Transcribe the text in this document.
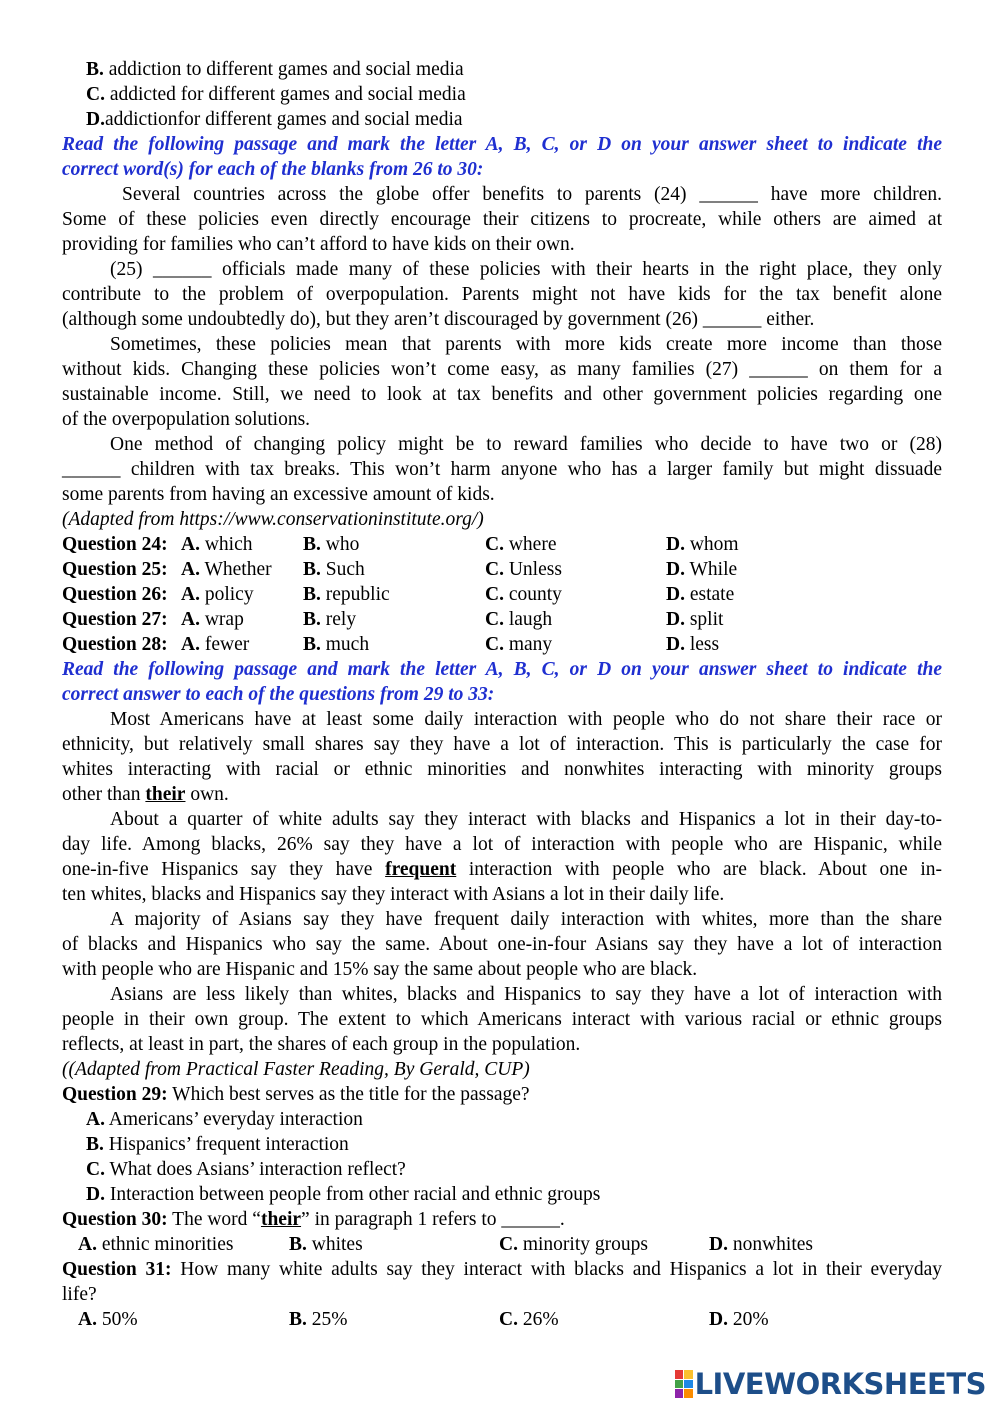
B. addiction to different games and social media
C. addicted for different games and social media
D.addictionfor different games and social media
Read the following passage and mark the letter A, B, C, or D on your answer sheet to indicate the
correct word(s) for each of the blanks from 26 to 30:
Several countries across the globe offer benefits to parents (24) ______ have more children.
Some of these policies even directly encourage their citizens to procreate, while others are aimed at
providing for families who can’t afford to have kids on their own.
(25) ______ officials made many of these policies with their hearts in the right place, they only
contribute to the problem of overpopulation. Parents might not have kids for the tax benefit alone
(although some undoubtedly do), but they aren’t discouraged by government (26) ______ either.
Sometimes, these policies mean that parents with more kids create more income than those
without kids. Changing these policies won’t come easy, as many families (27) ______ on them for a
sustainable income. Still, we need to look at tax benefits and other government policies regarding one
of the overpopulation solutions.
One method of changing policy might be to reward families who decide to have two or (28)
______ children with tax breaks. This won’t harm anyone who has a larger family but might dissuade
some parents from having an excessive amount of kids.
(Adapted from https://www.conservationinstitute.org/)
Question 24: A. which	B. who	C. where	D. whom
Question 25: A. Whether B. Such	C. Unless	D. While
Question 26: A. policy	B. republic	C. county	D. estate
Question 27: A. wrap	B. rely	C. laugh	D. split
Question 28: A. fewer	B. much	C. many	D. less
Read the following passage and mark the letter A, B, C, or D on your answer sheet to indicate the
correct answer to each of the questions from 29 to 33:
Most Americans have at least some daily interaction with people who do not share their race or
ethnicity, but relatively small shares say they have a lot of interaction. This is particularly the case for
whites interacting with racial or ethnic minorities and nonwhites interacting with minority groups
other than their own.
About a quarter of white adults say they interact with blacks and Hispanics a lot in their day-to-
day life. Among blacks, 26% say they have a lot of interaction with people who are Hispanic, while
one-in-five Hispanics say they have frequent interaction with people who are black. About one in-
ten whites, blacks and Hispanics say they interact with Asians a lot in their daily life.
A majority of Asians say they have frequent daily interaction with whites, more than the share
of blacks and Hispanics who say the same. About one-in-four Asians say they have a lot of interaction
with people who are Hispanic and 15% say the same about people who are black.
Asians are less likely than whites, blacks and Hispanics to say they have a lot of interaction with
people in their own group. The extent to which Americans interact with various racial or ethnic groups
reflects, at least in part, the shares of each group in the population.
((Adapted from Practical Faster Reading, By Gerald, CUP)
Question 29: Which best serves as the title for the passage?
A. Americans’ everyday interaction
B. Hispanics’ frequent interaction
C. What does Asians’ interaction reflect?
D. Interaction between people from other racial and ethnic groups
Question 30: The word “their” in paragraph 1 refers to ______.
A. ethnic minorities	B. whites	C. minority groups	D. nonwhites
Question 31: How many white adults say they interact with blacks and Hispanics a lot in their everyday
life?
A. 50%	B. 25%	C. 26%	D. 20%
LIVEWORKSHEETS
